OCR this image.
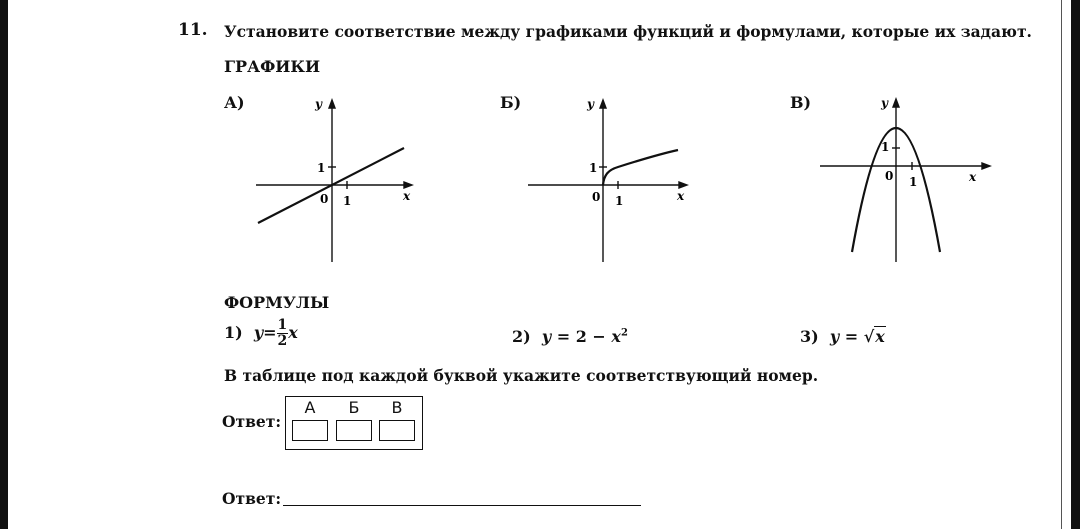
11. Установите соответствие между графиками функций и формулами, которые их задают.
ГРАФИКИ
А)	Б)	В)
y
x
0 1
1
y
x
0 1
1
y
x
0 1
1
ФОРМУЛЫ
1) $y=\frac{1}{2}$ x	2) $y = 2 - x^2$	3) y = √x
В таблице под каждой буквой укажите соответствующий номер.
Ответ:
А	Б	В
Ответ:
